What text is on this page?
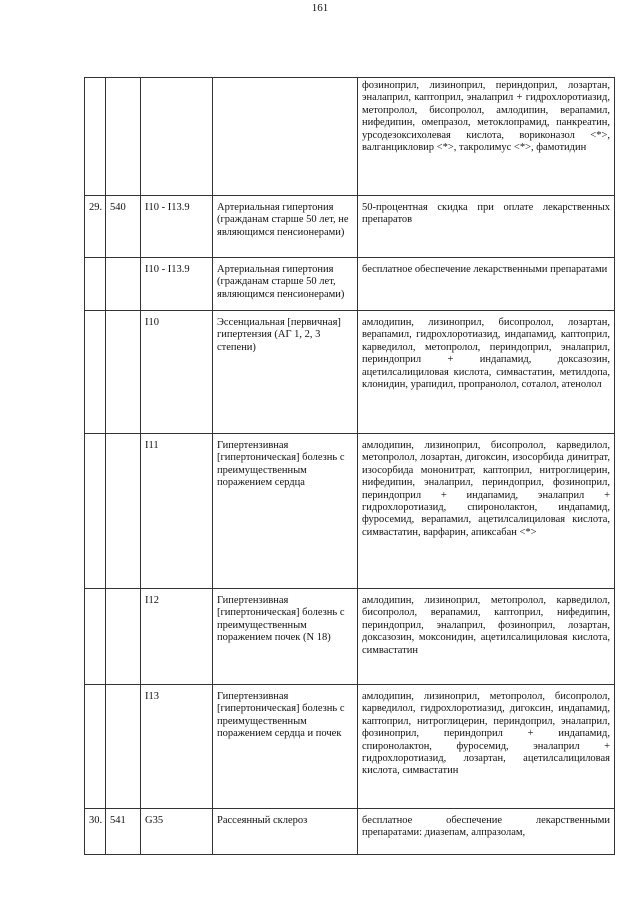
161
				фозиноприл, лизиноприл, периндоприл, лозартан, эналаприл, каптоприл, эналаприл + гидрохлоротиазид, метопролол, бисопролол, амлодипин, верапамил, нифедипин, омепразол, метоклопрамид, панкреатин, урсодезоксихолевая кислота, вориконазол <*>, валганцикловир <*>, такролимус <*>, фамотидин
29.	540	I10 - I13.9	Артериальная гипертония (гражданам старше 50 лет, не являющимся пенсионерами)	50-процентная скидка при оплате лекарственных препаратов
		I10 - I13.9	Артериальная гипертония (гражданам старше 50 лет, являющимся пенсионерами)	бесплатное обеспечение лекарственными препаратами
		I10	Эссенциальная [первичная] гипертензия (АГ 1, 2, 3 степени)	амлодипин, лизиноприл, бисопролол, лозартан, верапамил, гидрохлоротиазид, индапамид, каптоприл, карведилол, метопролол, периндоприл, эналаприл, периндоприл + индапамид, доксазозин, ацетилсалициловая кислота, симвастатин, метилдопа, клонидин, урапидил, пропранолол, соталол, атенолол
		I11	Гипертензивная [гипертоническая] болезнь с преимущественным поражением сердца	амлодипин, лизиноприл, бисопролол, карведилол, метопролол, лозартан, дигоксин, изосорбида динитрат, изосорбида мононитрат, каптоприл, нитроглицерин, нифедипин, эналаприл, периндоприл, фозиноприл, периндоприл + индапамид, эналаприл + гидрохлоротиазид, спиронолактон, индапамид, фуросемид, верапамил, ацетилсалициловая кислота, симвастатин, варфарин, апиксабан <*>
		I12	Гипертензивная [гипертоническая] болезнь с преимущественным поражением почек (N 18)	амлодипин, лизиноприл, метопролол, карведилол, бисопролол, верапамил, каптоприл, нифедипин, периндоприл, эналаприл, фозиноприл, лозартан, доксазозин, моксонидин, ацетилсалициловая кислота, симвастатин
		I13	Гипертензивная [гипертоническая] болезнь с преимущественным поражением сердца и почек	амлодипин, лизиноприл, метопролол, бисопролол, карведилол, гидрохлоротиазид, дигоксин, индапамид, каптоприл, нитроглицерин, периндоприл, эналаприл, фозиноприл, периндоприл + индапамид, спиронолактон, фуросемид, эналаприл + гидрохлоротиазид, лозартан, ацетилсалициловая кислота, симвастатин
30.	541	G35	Рассеянный склероз	бесплатное обеспечение лекарственными препаратами: диазепам, алпразолам,
